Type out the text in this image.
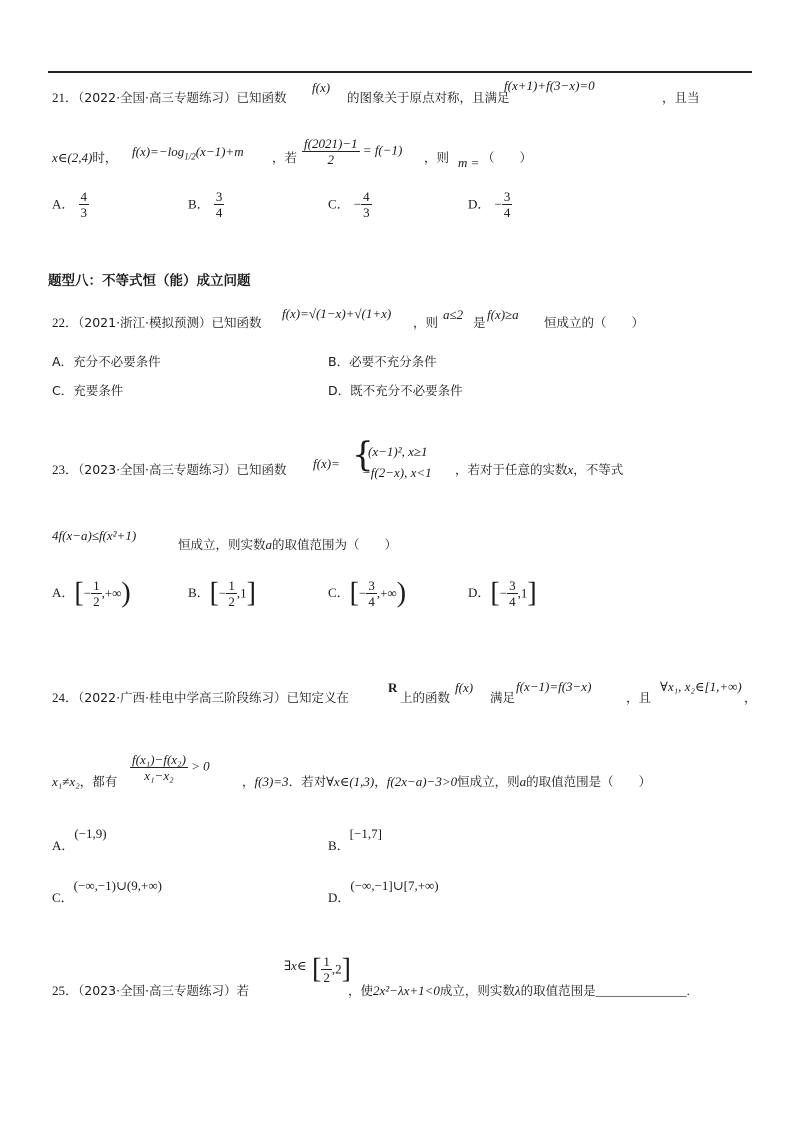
21．（2022·全国·高三专题练习）已知函数
f(x)
的图象关于原点对称，且满足
f(x+1)+f(3−x)=0
，且当
x∈(2,4)时， $f(x)=-\log_{1/2}(x-1)+m$ ，若 $\frac{f(2021)-1}{2} = f(-1)$
，则 m = （　　）
A． $\frac{4}{3}$	B． $\frac{3}{4}$	C． − $\frac{4}{3}$	D． − $\frac{3}{4}$
题型八：不等式恒（能）成立问题
22．（2021·浙江·模拟预测）已知函数
f(x)=√(1−x)+√(1+x)
，则
a≤2
是
f(x)≥a
恒成立的（　　）
A．充分不必要条件	B．必要不充分条件
C．充要条件	D．既不充分不必要条件
23．（2023·全国·高三专题练习）已知函数 f(x)= {
(x−1)², x≥1
−f(2−x), x<1 ，若对于任意的实数x，不等式
4f(x−a)≤f(x²+1)
恒成立，则实数a的取值范围为（　　）
A．[− $\frac{1}{2}$ ,+∞)	B．[− $\frac{1}{2} ,1$]	C．[− $\frac{3}{4}$ ,+∞)	D．[− $\frac{3}{4} ,1$]
24．（2022·广西·桂电中学高三阶段练习）已知定义在
R
上的函数
f(x)
满足
f(x−1)=f(3−x)
，且
∀x₁, x₂∈[1,+∞)
，
x₁≠x₂，都有 $\frac{\text{f(x₁)−f(x₂)}}{\text{x₁−x₂}} > 0$
，f(3)=3．若对∀x∈(1,3)，f(2x−a)−3>0恒成立，则a的取值范围是（　　）
A．(−1,9)
B．[−1,7]
C．(−∞,−1)∪(9,+∞)
D．(−∞,−1]∪[7,+∞)
25．（2023·全国·高三专题练习）若
∃x∈ [ $\frac{1}{2} ,2$]
，使2x²−λx+1<0成立，则实数λ的取值范围是______________.
